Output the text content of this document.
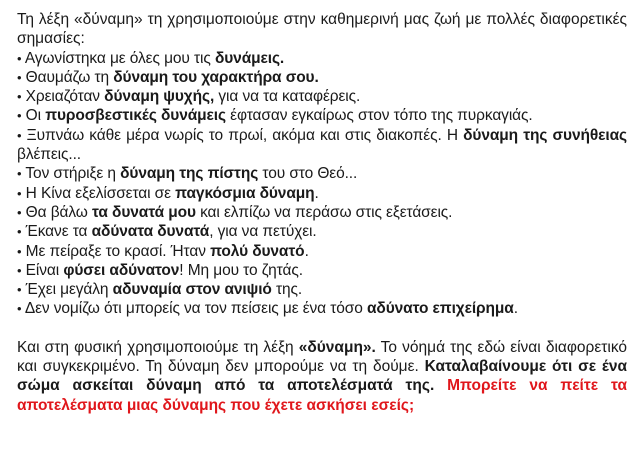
Τη λέξη «δύναμη» τη χρησιμοποιούμε στην καθημερινή μας ζωή με πολλές διαφορετικές σημασίες:

• Αγωνίστηκα με όλες μου τις δυνάμεις.
• Θαυμάζω τη δύναμη του χαρακτήρα σου.
• Χρειαζόταν δύναμη ψυχής, για να τα καταφέρεις.
• Οι πυροσβεστικές δυνάμεις έφτασαν εγκαίρως στον τόπο της πυρκαγιάς.
• Ξυπνάω κάθε μέρα νωρίς το πρωί, ακόμα και στις διακοπές. Η δύναμη της συνήθειας βλέπεις...
• Τον στήριξε η δύναμη της πίστης του στο Θεό...
• Η Κίνα εξελίσσεται σε παγκόσμια δύναμη.
• Θα βάλω τα δυνατά μου και ελπίζω να περάσω στις εξετάσεις.
• Έκανε τα αδύνατα δυνατά, για να πετύχει.
• Με πείραξε το κρασί. Ήταν πολύ δυνατό.
• Είναι φύσει αδύνατον! Μη μου το ζητάς.
• Έχει μεγάλη αδυναμία στον ανιψιό της.
• Δεν νομίζω ότι μπορείς να τον πείσεις με ένα τόσο αδύνατο επιχείρημα.

Και στη φυσική χρησιμοποιούμε τη λέξη «δύναμη». Το νόημά της εδώ είναι διαφορετικό και συγκεκριμένο. Τη δύναμη δεν μπορούμε να τη δούμε. Καταλαβαίνουμε ότι σε ένα σώμα ασκείται δύναμη από τα αποτελέσματά της. Μπορείτε να πείτε τα αποτελέσματα μιας δύναμης που έχετε ασκήσει εσείς;
